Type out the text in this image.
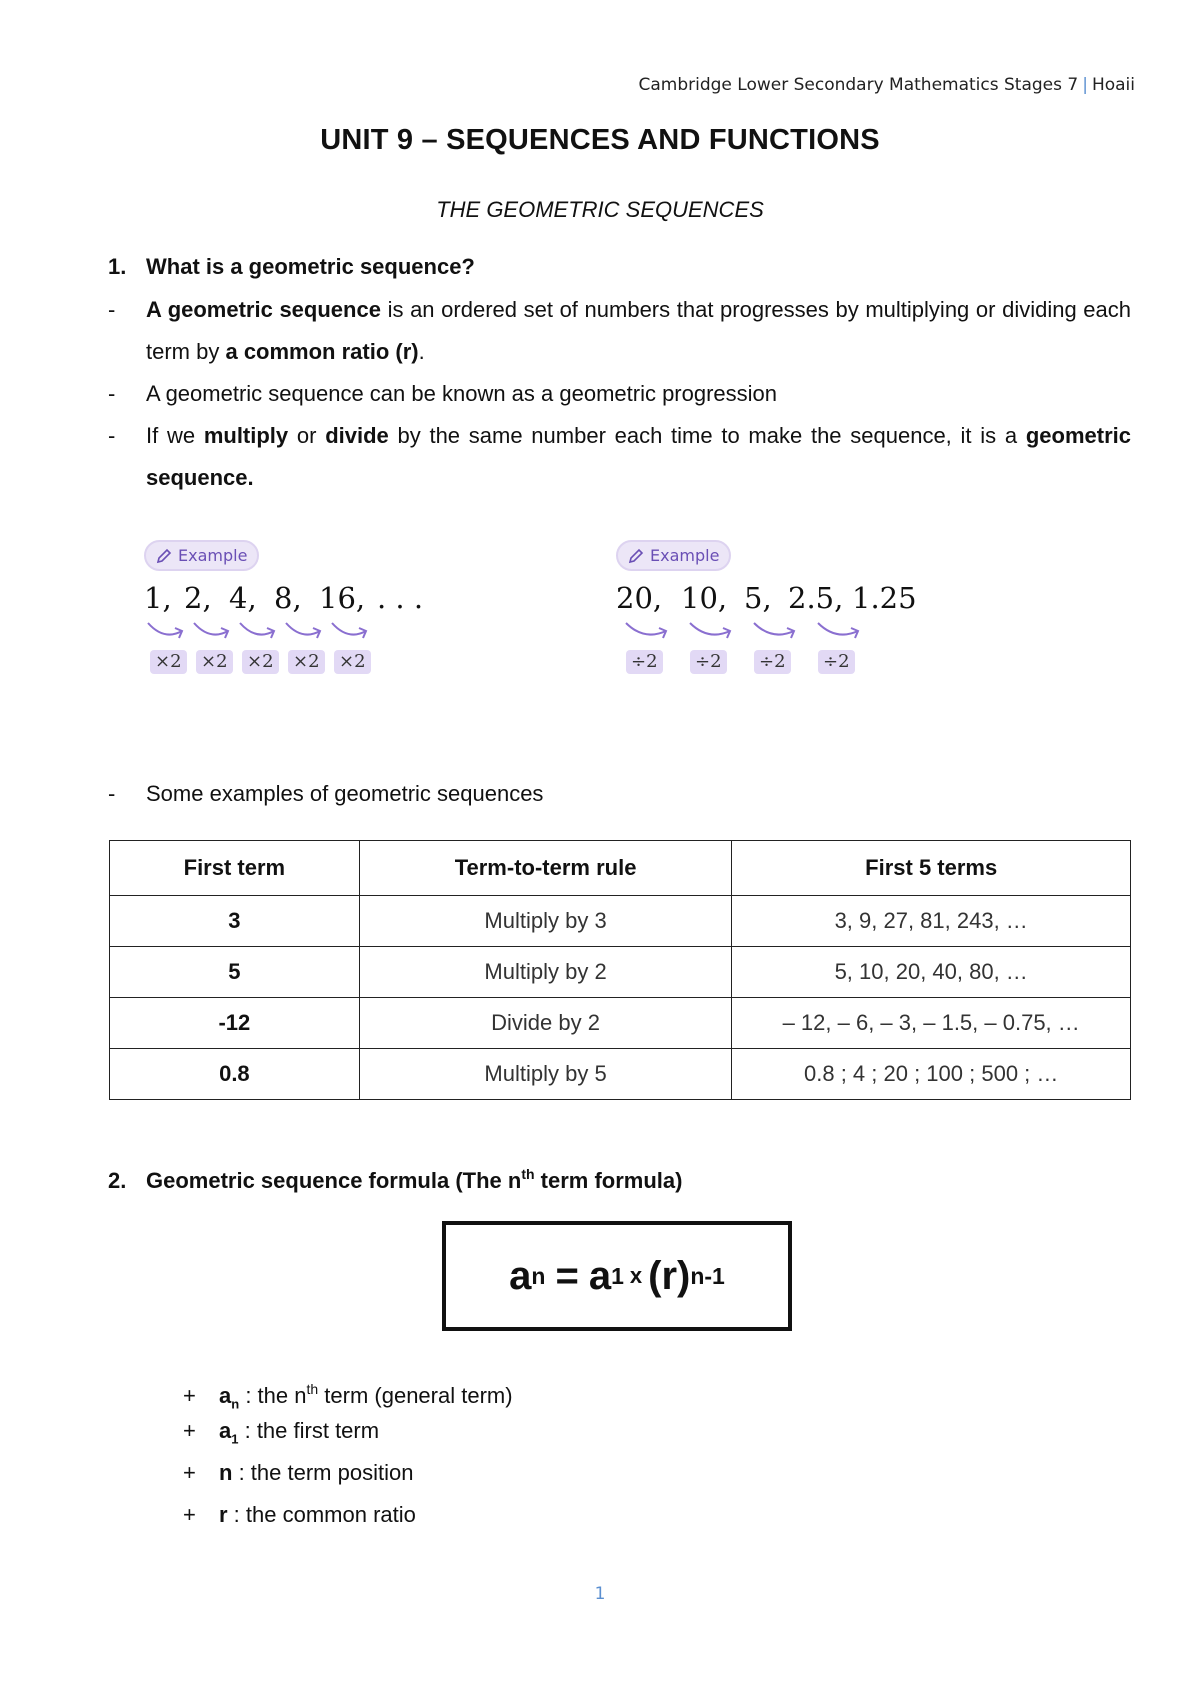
Cambridge Lower Secondary Mathematics Stages 7 | Hoaii
UNIT 9 – SEQUENCES AND FUNCTIONS
THE GEOMETRIC SEQUENCES
1. What is a geometric sequence?
- A geometric sequence is an ordered set of numbers that progresses by multiplying or dividing each term by a common ratio (r).
- A geometric sequence can be known as a geometric progression
- If we multiply or divide by the same number each time to make the sequence, it is a geometric sequence.
Example
1, 2, 4, 8, 16, . . .
×2 ×2 ×2 ×2 ×2
Example
20, 10, 5, 2.5, 1.25
÷2 ÷2 ÷2 ÷2
- Some examples of geometric sequences
First term	Term-to-term rule	First 5 terms
3	Multiply by 3	3, 9, 27, 81, 243, …
5	Multiply by 2	5, 10, 20, 40, 80, …
-12	Divide by 2	– 12, – 6, – 3, – 1.5, – 0.75, …
0.8	Multiply by 5	0.8 ; 4 ; 20 ; 100 ; 500 ; …
2. Geometric sequence formula (The $n^{th}$ term formula)
a n = a 1 x (r) n-1
+ $a_n$ : the $n^{th}$ term (general term)
+ $a_1$ : the first term
+ n : the term position
+ r : the common ratio
1
